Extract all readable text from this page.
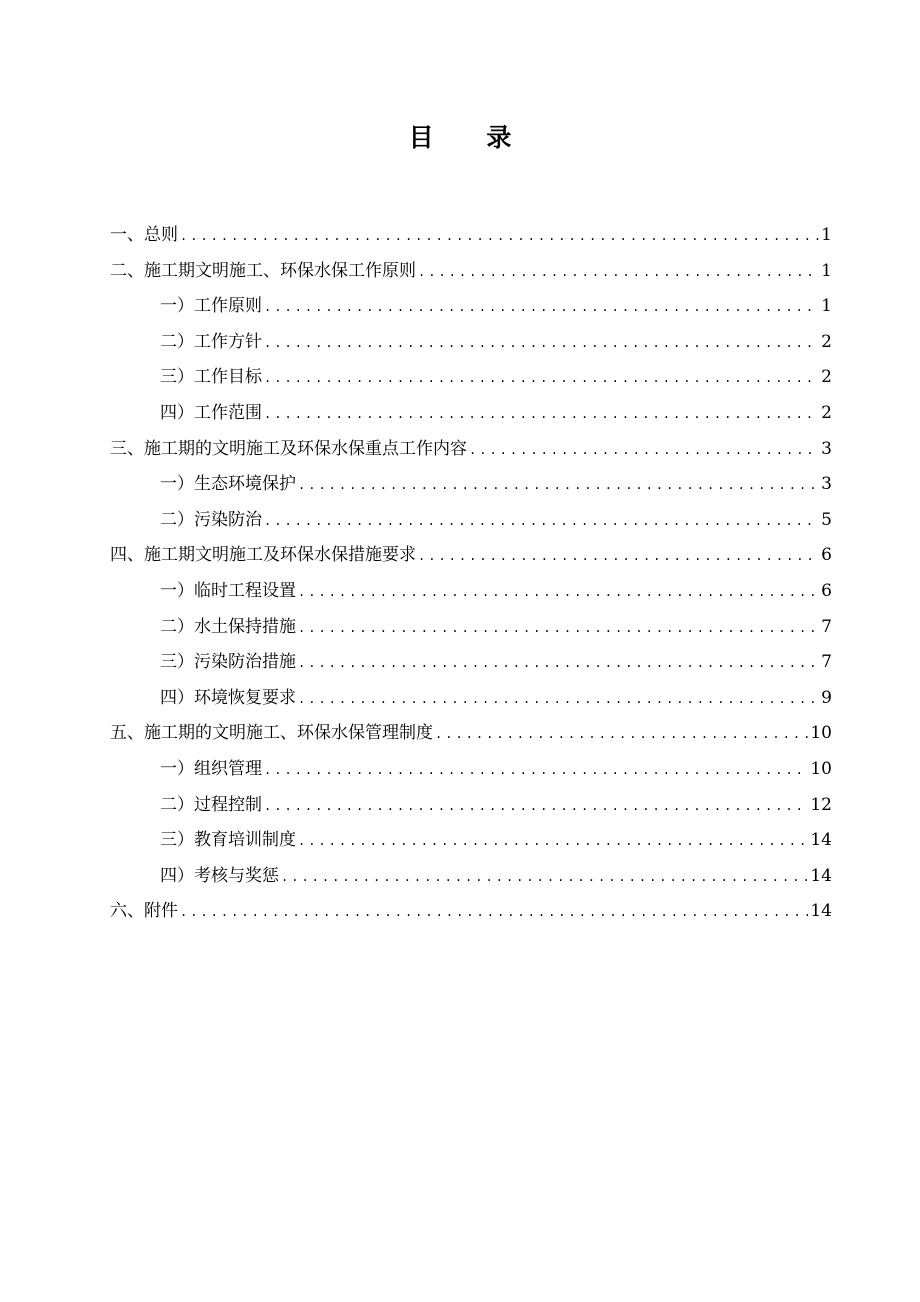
目 录
一、总则 .....	1
二、施工期文明施工、环保水保工作原则 .....	1
一）工作原则 .....	1
二）工作方针 .....	2
三）工作目标 .....	2
四）工作范围 .....	2
三、施工期的文明施工及环保水保重点工作内容 .....	3
一）生态环境保护 .....	3
二）污染防治 .....	5
四、施工期文明施工及环保水保措施要求 .....	6
一）临时工程设置 .....	6
二）水土保持措施 .....	7
三）污染防治措施 .....	7
四）环境恢复要求 .....	9
五、施工期的文明施工、环保水保管理制度 .....	10
一）组织管理 .....	10
二）过程控制 .....	12
三）教育培训制度 .....	14
四）考核与奖惩 .....	14
六、附件 .....	14
